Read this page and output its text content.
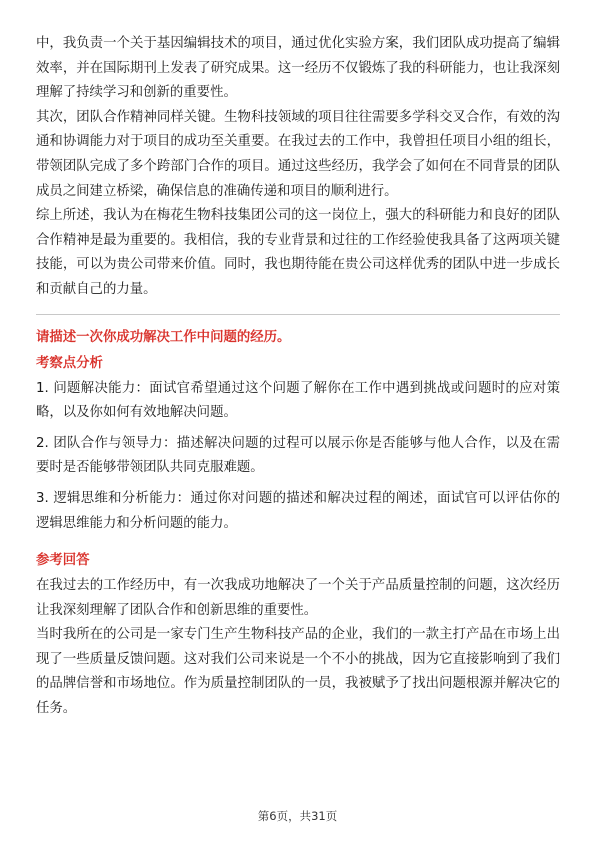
中，我负责一个关于基因编辑技术的项目，通过优化实验方案，我们团队成功提高了编辑效率，并在国际期刊上发表了研究成果。这一经历不仅锻炼了我的科研能力，也让我深刻理解了持续学习和创新的重要性。

其次，团队合作精神同样关键。生物科技领域的项目往往需要多学科交叉合作，有效的沟通和协调能力对于项目的成功至关重要。在我过去的工作中，我曾担任项目小组的组长，带领团队完成了多个跨部门合作的项目。通过这些经历，我学会了如何在不同背景的团队成员之间建立桥梁，确保信息的准确传递和项目的顺利进行。

综上所述，我认为在梅花生物科技集团公司的这一岗位上，强大的科研能力和良好的团队合作精神是最为重要的。我相信，我的专业背景和过往的工作经验使我具备了这两项关键技能，可以为贵公司带来价值。同时，我也期待能在贵公司这样优秀的团队中进一步成长和贡献自己的力量。

请描述一次你成功解决工作中问题的经历。

考察点分析

1. 问题解决能力：面试官希望通过这个问题了解你在工作中遇到挑战或问题时的应对策略，以及你如何有效地解决问题。

2. 团队合作与领导力：描述解决问题的过程可以展示你是否能够与他人合作，以及在需要时是否能够带领团队共同克服难题。

3. 逻辑思维和分析能力：通过你对问题的描述和解决过程的阐述，面试官可以评估你的逻辑思维能力和分析问题的能力。

参考回答

在我过去的工作经历中，有一次我成功地解决了一个关于产品质量控制的问题，这次经历让我深刻理解了团队合作和创新思维的重要性。

当时我所在的公司是一家专门生产生物科技产品的企业，我们的一款主打产品在市场上出现了一些质量反馈问题。这对我们公司来说是一个不小的挑战，因为它直接影响到了我们的品牌信誉和市场地位。作为质量控制团队的一员，我被赋予了找出问题根源并解决它的任务。

第6页，共31页
